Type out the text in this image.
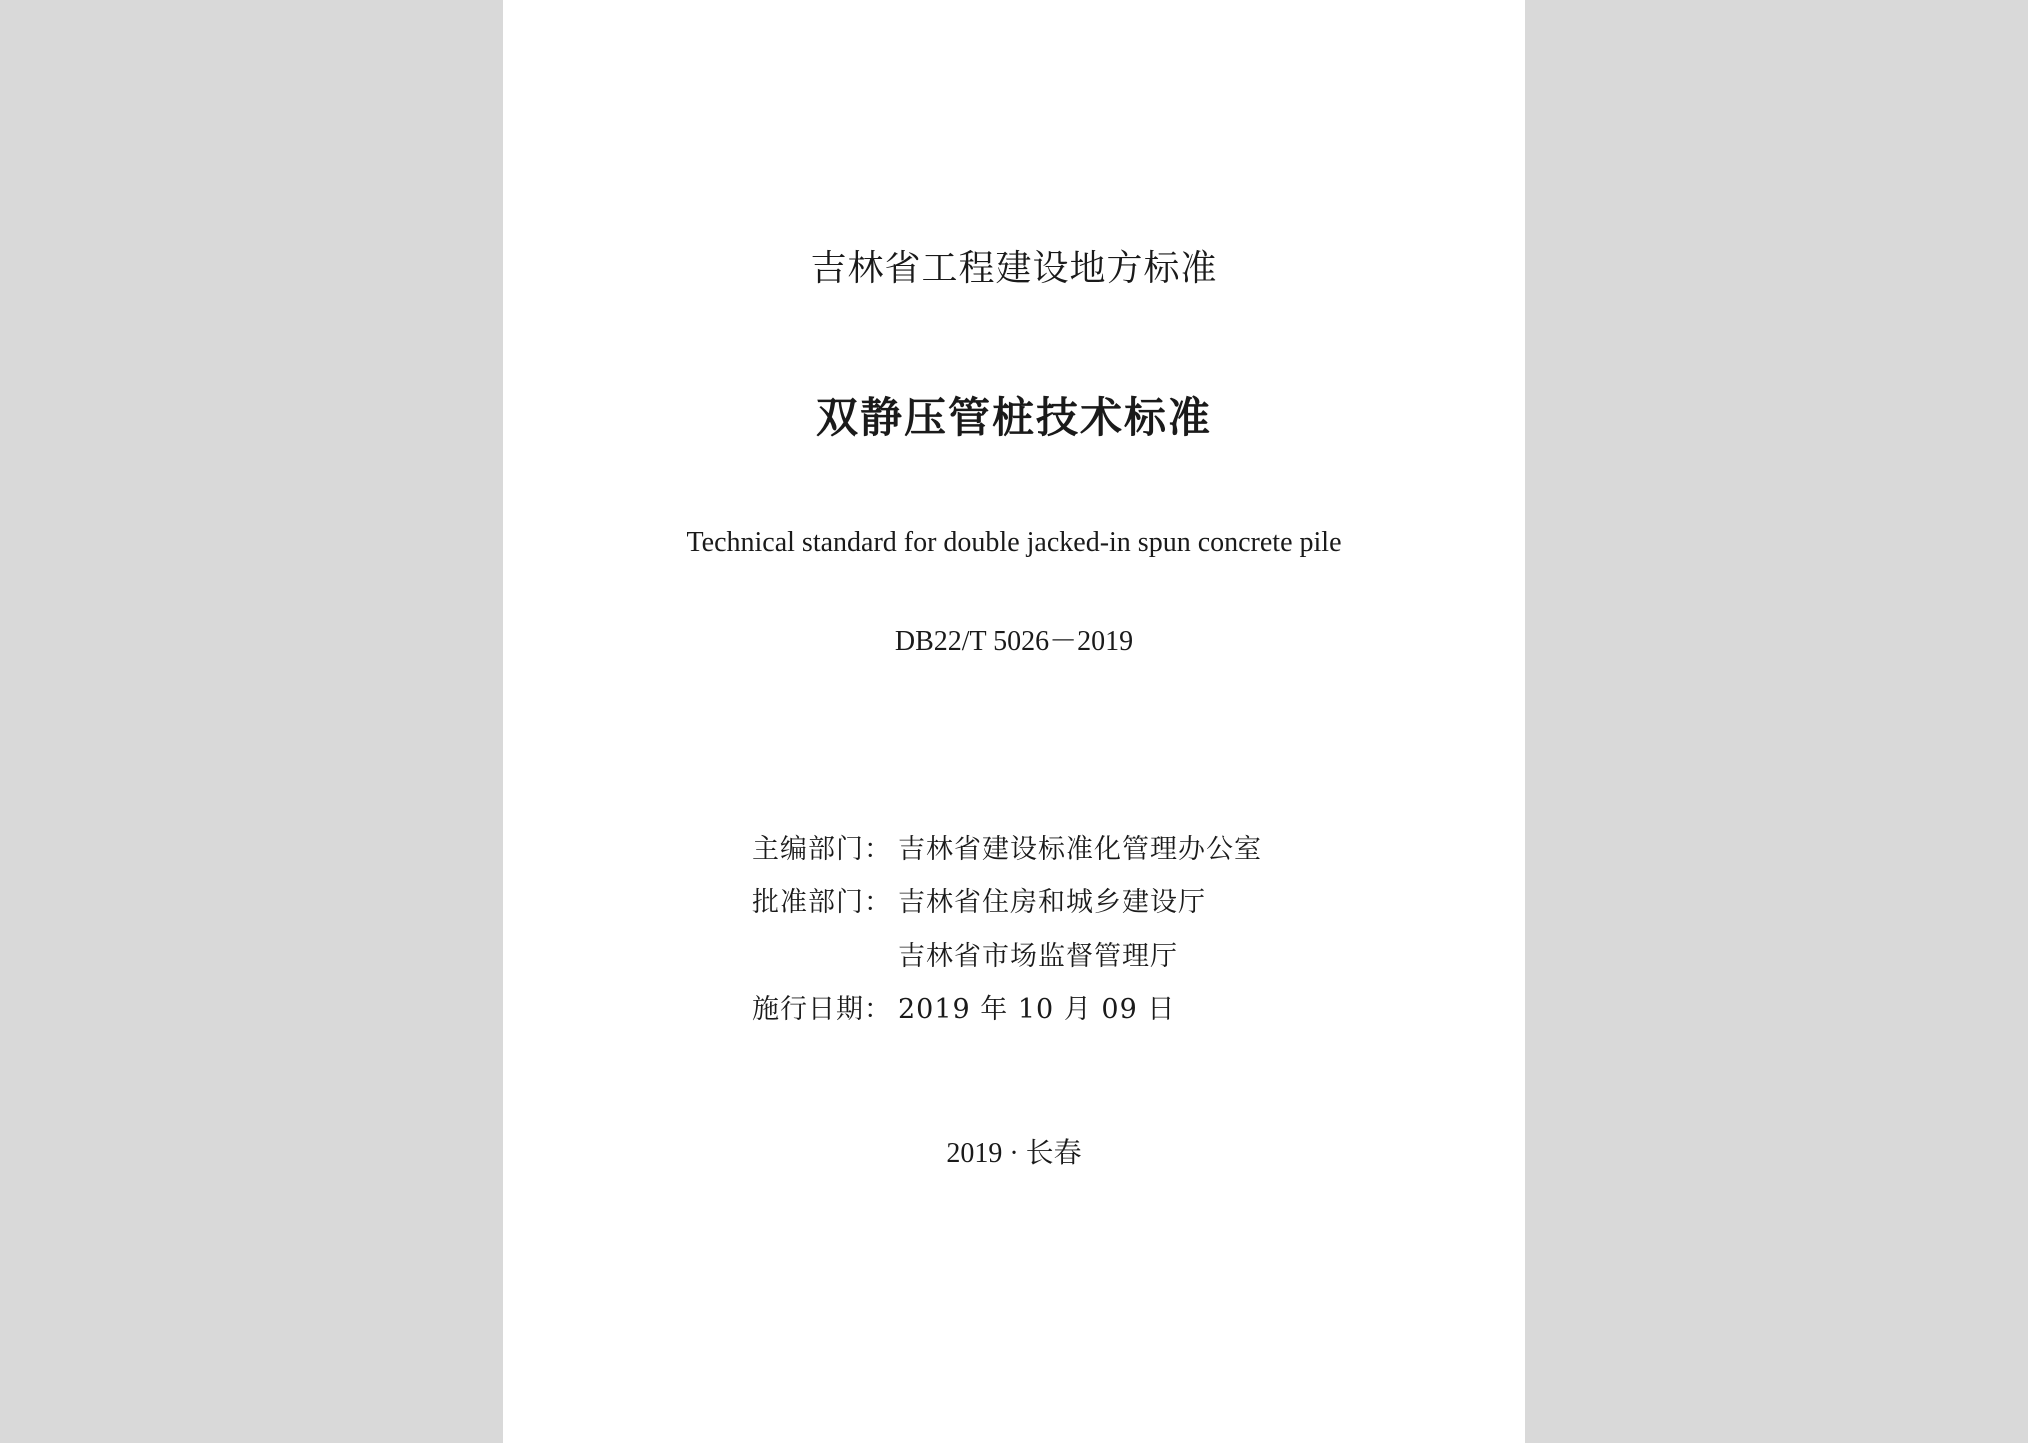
吉林省工程建设地方标准
双静压管桩技术标准
Technical standard for double jacked-in spun concrete pile
DB22/T 5026－2019
主编部门： 吉林省建设标准化管理办公室
批准部门： 吉林省住房和城乡建设厅
吉林省市场监督管理厅
施行日期： 2019 年 10 月 09 日
2019 · 长春
